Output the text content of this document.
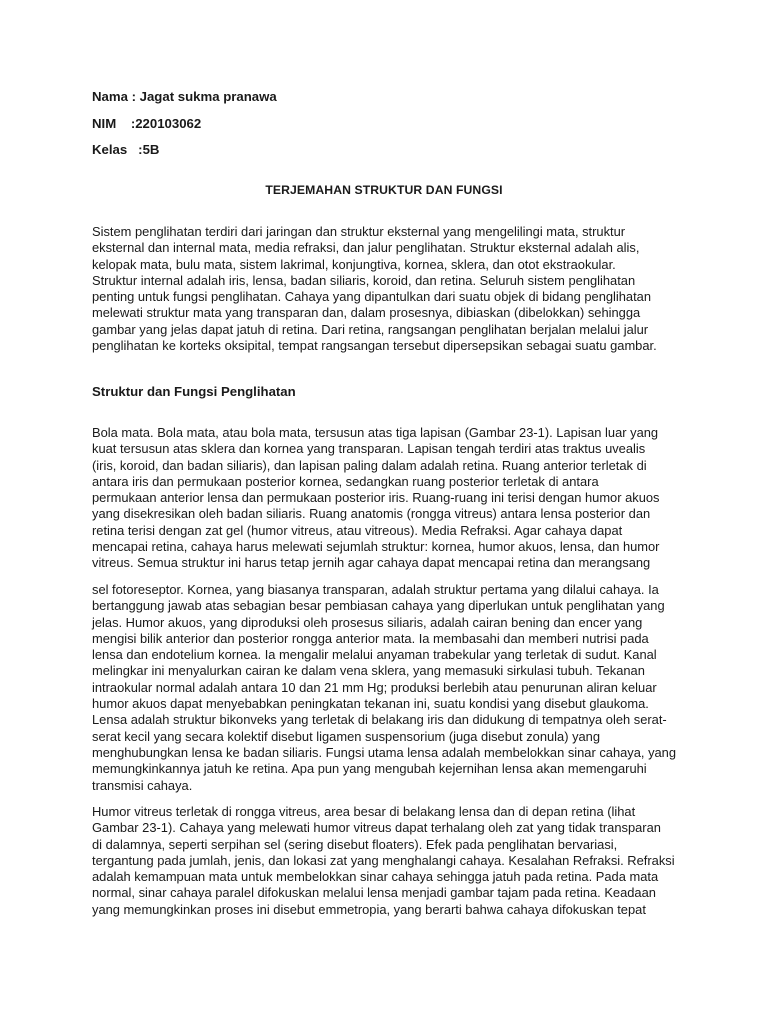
Nama : Jagat sukma pranawa
NIM    :220103062
Kelas   :5B
TERJEMAHAN STRUKTUR DAN FUNGSI
Sistem penglihatan terdiri dari jaringan dan struktur eksternal yang mengelilingi mata, struktur
eksternal dan internal mata, media refraksi, dan jalur penglihatan. Struktur eksternal adalah alis,
kelopak mata, bulu mata, sistem lakrimal, konjungtiva, kornea, sklera, dan otot ekstraokular.
Struktur internal adalah iris, lensa, badan siliaris, koroid, dan retina. Seluruh sistem penglihatan
penting untuk fungsi penglihatan. Cahaya yang dipantulkan dari suatu objek di bidang penglihatan
melewati struktur mata yang transparan dan, dalam prosesnya, dibiaskan (dibelokkan) sehingga
gambar yang jelas dapat jatuh di retina. Dari retina, rangsangan penglihatan berjalan melalui jalur
penglihatan ke korteks oksipital, tempat rangsangan tersebut dipersepsikan sebagai suatu gambar.
Struktur dan Fungsi Penglihatan
Bola mata. Bola mata, atau bola mata, tersusun atas tiga lapisan (Gambar 23-1). Lapisan luar yang
kuat tersusun atas sklera dan kornea yang transparan. Lapisan tengah terdiri atas traktus uvealis
(iris, koroid, dan badan siliaris), dan lapisan paling dalam adalah retina. Ruang anterior terletak di
antara iris dan permukaan posterior kornea, sedangkan ruang posterior terletak di antara
permukaan anterior lensa dan permukaan posterior iris. Ruang-ruang ini terisi dengan humor akuos
yang disekresikan oleh badan siliaris. Ruang anatomis (rongga vitreus) antara lensa posterior dan
retina terisi dengan zat gel (humor vitreus, atau vitreous). Media Refraksi. Agar cahaya dapat
mencapai retina, cahaya harus melewati sejumlah struktur: kornea, humor akuos, lensa, dan humor
vitreus. Semua struktur ini harus tetap jernih agar cahaya dapat mencapai retina dan merangsang
sel fotoreseptor. Kornea, yang biasanya transparan, adalah struktur pertama yang dilalui cahaya. Ia
bertanggung jawab atas sebagian besar pembiasan cahaya yang diperlukan untuk penglihatan yang
jelas. Humor akuos, yang diproduksi oleh prosesus siliaris, adalah cairan bening dan encer yang
mengisi bilik anterior dan posterior rongga anterior mata. Ia membasahi dan memberi nutrisi pada
lensa dan endotelium kornea. Ia mengalir melalui anyaman trabekular yang terletak di sudut. Kanal
melingkar ini menyalurkan cairan ke dalam vena sklera, yang memasuki sirkulasi tubuh. Tekanan
intraokular normal adalah antara 10 dan 21 mm Hg; produksi berlebih atau penurunan aliran keluar
humor akuos dapat menyebabkan peningkatan tekanan ini, suatu kondisi yang disebut glaukoma.
Lensa adalah struktur bikonveks yang terletak di belakang iris dan didukung di tempatnya oleh serat-
serat kecil yang secara kolektif disebut ligamen suspensorium (juga disebut zonula) yang
menghubungkan lensa ke badan siliaris. Fungsi utama lensa adalah membelokkan sinar cahaya, yang
memungkinkannya jatuh ke retina. Apa pun yang mengubah kejernihan lensa akan memengaruhi
transmisi cahaya.
Humor vitreus terletak di rongga vitreus, area besar di belakang lensa dan di depan retina (lihat
Gambar 23-1). Cahaya yang melewati humor vitreus dapat terhalang oleh zat yang tidak transparan
di dalamnya, seperti serpihan sel (sering disebut floaters). Efek pada penglihatan bervariasi,
tergantung pada jumlah, jenis, dan lokasi zat yang menghalangi cahaya. Kesalahan Refraksi. Refraksi
adalah kemampuan mata untuk membelokkan sinar cahaya sehingga jatuh pada retina. Pada mata
normal, sinar cahaya paralel difokuskan melalui lensa menjadi gambar tajam pada retina. Keadaan
yang memungkinkan proses ini disebut emmetropia, yang berarti bahwa cahaya difokuskan tepat
